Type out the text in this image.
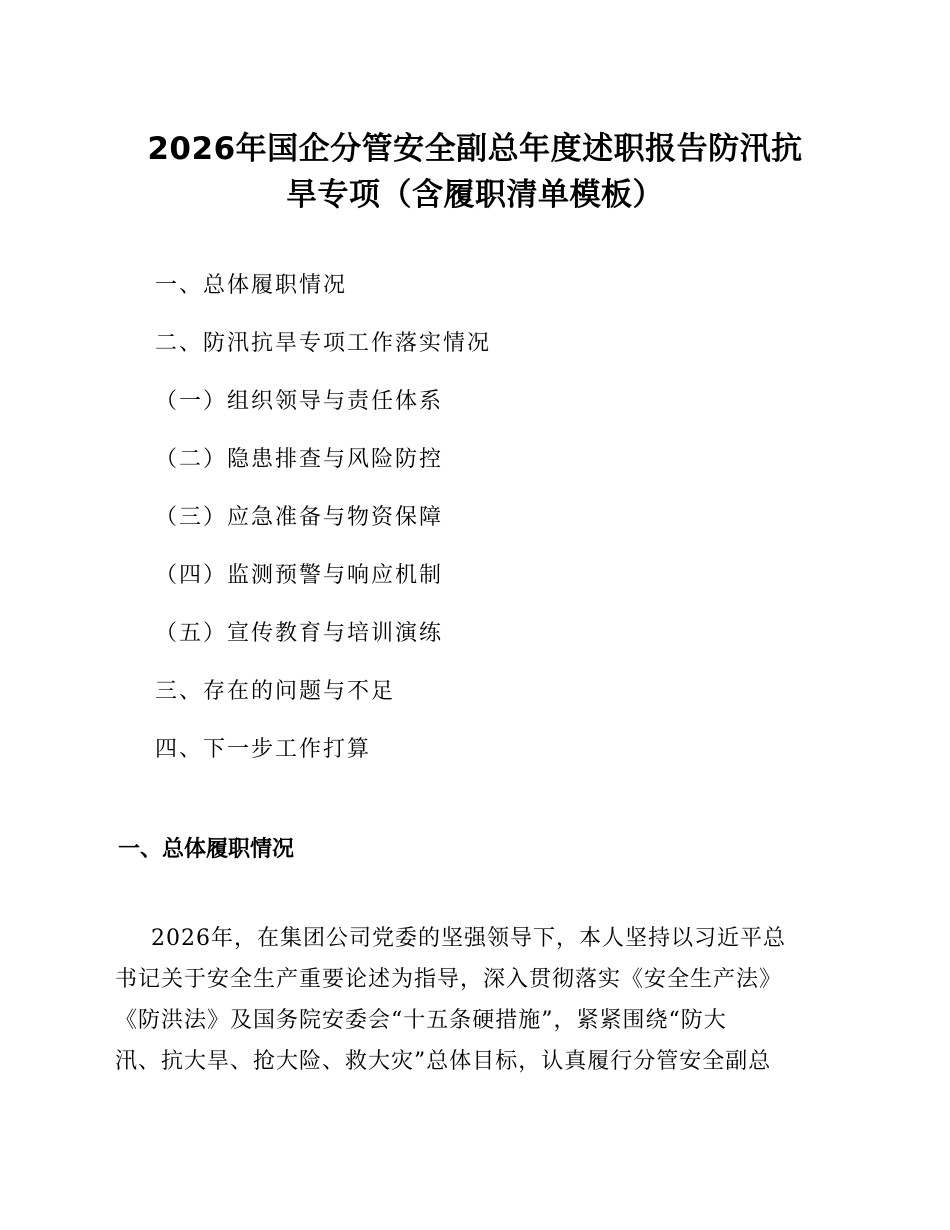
2026年国企分管安全副总年度述职报告防汛抗
旱专项（含履职清单模板）
一、总体履职情况
二、防汛抗旱专项工作落实情况
（一）组织领导与责任体系
（二）隐患排查与风险防控
（三）应急准备与物资保障
（四）监测预警与响应机制
（五）宣传教育与培训演练
三、存在的问题与不足
四、下一步工作打算
一、总体履职情况
2026年，在集团公司党委的坚强领导下，本人坚持以习近平总
书记关于安全生产重要论述为指导，深入贯彻落实《安全生产法》
《防洪法》及国务院安委会“十五条硬措施”，紧紧围绕“防大
汛、抗大旱、抢大险、救大灾”总体目标，认真履行分管安全副总
